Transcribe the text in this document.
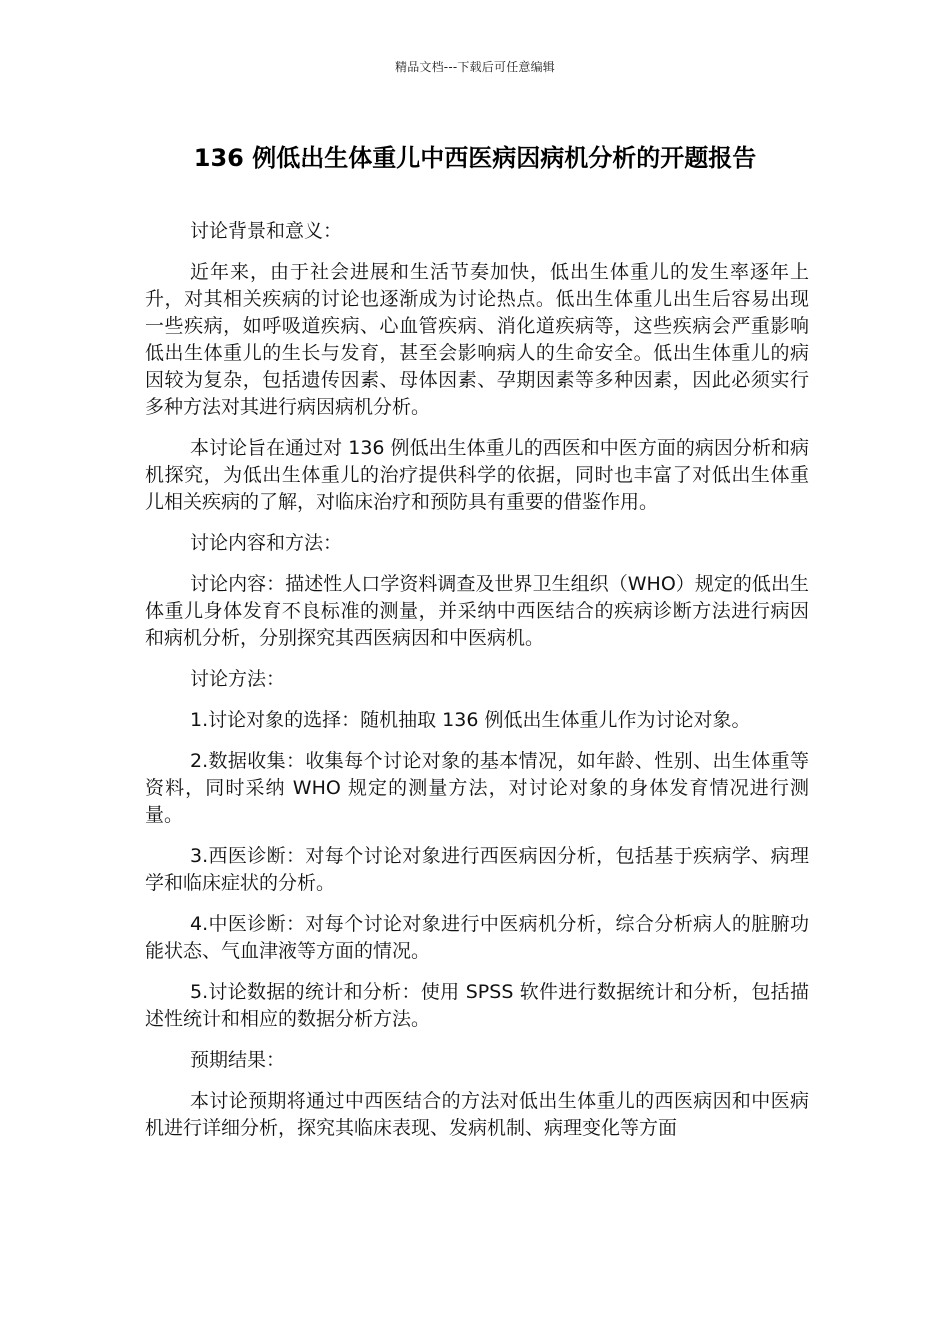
精品文档---下载后可任意编辑
136 例低出生体重儿中西医病因病机分析的开题报告

讨论背景和意义：

近年来，由于社会进展和生活节奏加快，低出生体重儿的发生率逐年上升，对其相关疾病的讨论也逐渐成为讨论热点。低出生体重儿出生后容易出现一些疾病，如呼吸道疾病、心血管疾病、消化道疾病等，这些疾病会严重影响低出生体重儿的生长与发育，甚至会影响病人的生命安全。低出生体重儿的病因较为复杂，包括遗传因素、母体因素、孕期因素等多种因素，因此必须实行多种方法对其进行病因病机分析。

本讨论旨在通过对 136 例低出生体重儿的西医和中医方面的病因分析和病机探究，为低出生体重儿的治疗提供科学的依据，同时也丰富了对低出生体重儿相关疾病的了解，对临床治疗和预防具有重要的借鉴作用。

讨论内容和方法：

讨论内容：描述性人口学资料调查及世界卫生组织（WHO）规定的低出生体重儿身体发育不良标准的测量，并采纳中西医结合的疾病诊断方法进行病因和病机分析，分别探究其西医病因和中医病机。

讨论方法：

1.讨论对象的选择：随机抽取 136 例低出生体重儿作为讨论对象。

2.数据收集：收集每个讨论对象的基本情况，如年龄、性别、出生体重等资料，同时采纳 WHO 规定的测量方法，对讨论对象的身体发育情况进行测量。

3.西医诊断：对每个讨论对象进行西医病因分析，包括基于疾病学、病理学和临床症状的分析。

4.中医诊断：对每个讨论对象进行中医病机分析，综合分析病人的脏腑功能状态、气血津液等方面的情况。

5.讨论数据的统计和分析：使用 SPSS 软件进行数据统计和分析，包括描述性统计和相应的数据分析方法。

预期结果：

本讨论预期将通过中西医结合的方法对低出生体重儿的西医病因和中医病机进行详细分析，探究其临床表现、发病机制、病理变化等方面
